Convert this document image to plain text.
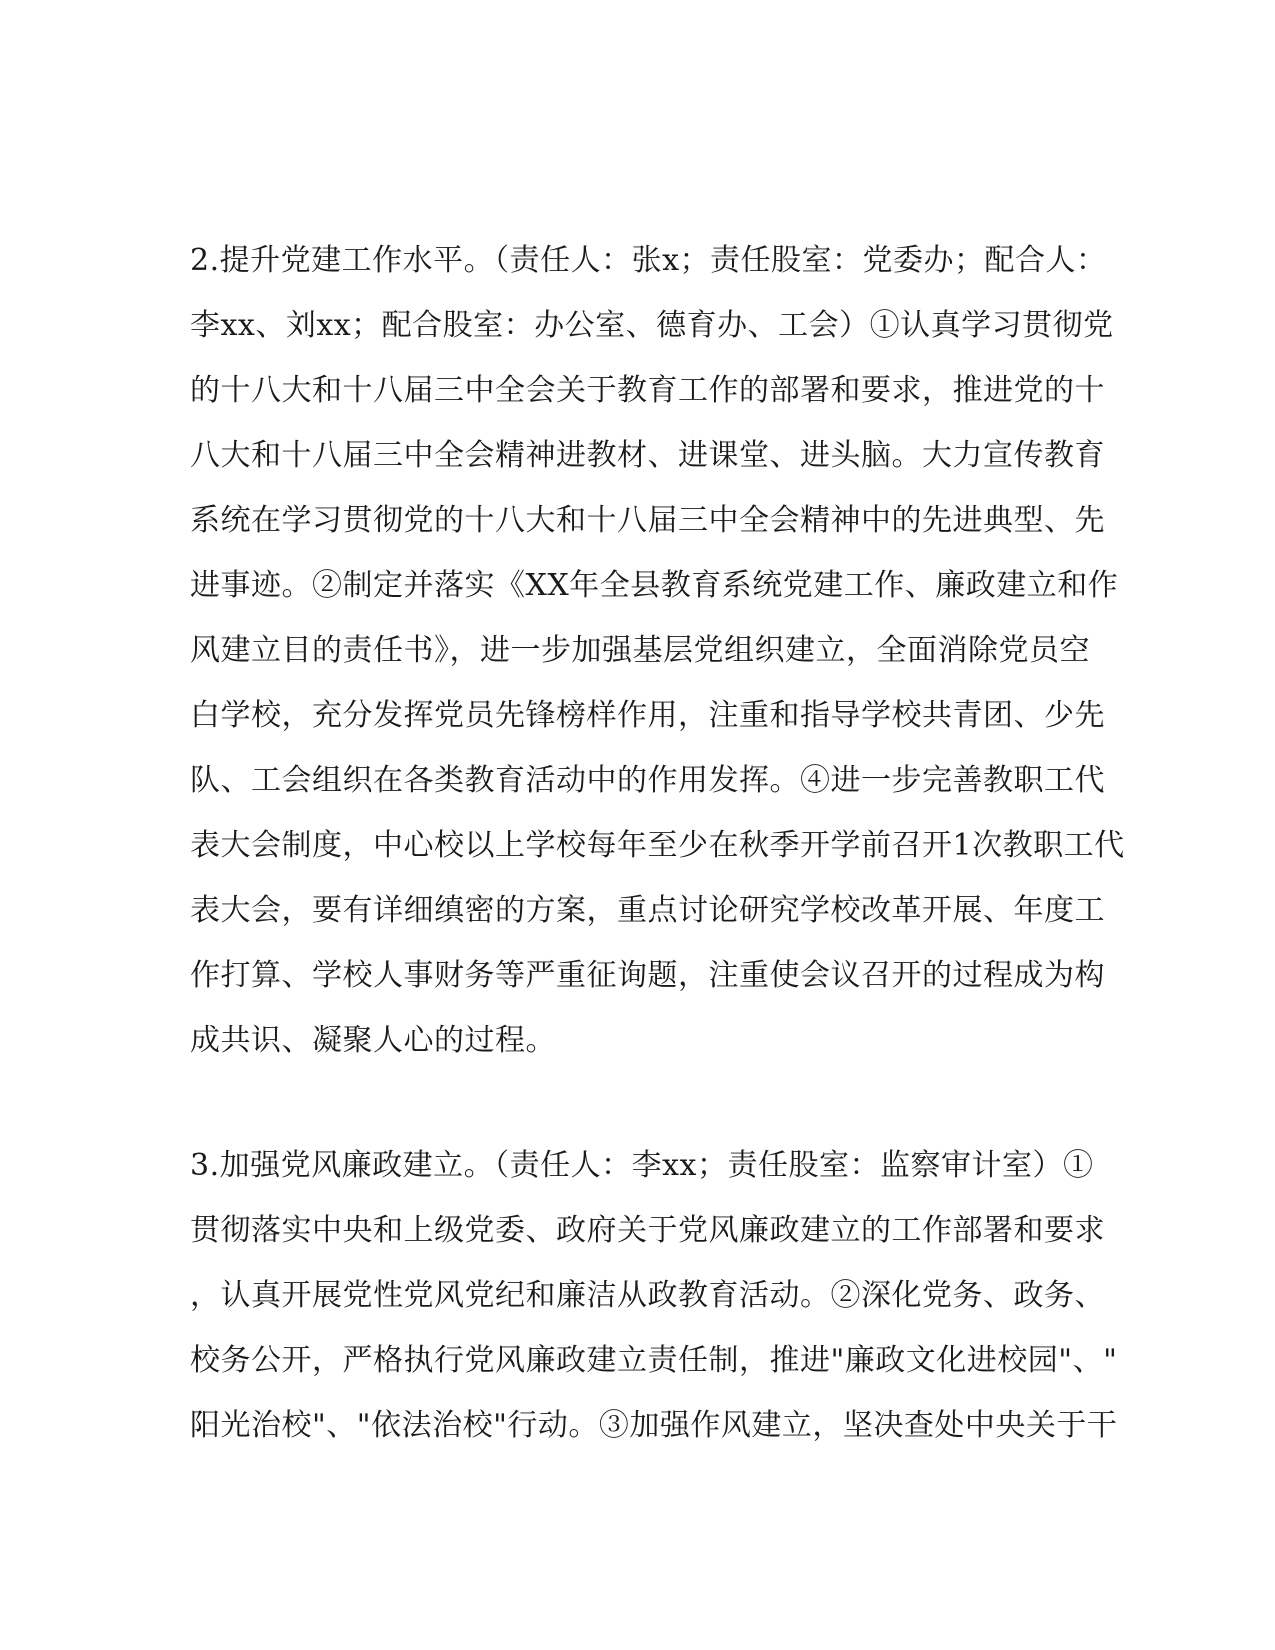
2.提升党建工作水平。（责任人：张x；责任股室：党委办；配合人：
李xx、刘xx；配合股室：办公室、德育办、工会）①认真学习贯彻党
的十八大和十八届三中全会关于教育工作的部署和要求，推进党的十
八大和十八届三中全会精神进教材、进课堂、进头脑。大力宣传教育
系统在学习贯彻党的十八大和十八届三中全会精神中的先进典型、先
进事迹。②制定并落实《XX年全县教育系统党建工作、廉政建立和作
风建立目的责任书》，进一步加强基层党组织建立，全面消除党员空
白学校，充分发挥党员先锋榜样作用，注重和指导学校共青团、少先
队、工会组织在各类教育活动中的作用发挥。④进一步完善教职工代
表大会制度，中心校以上学校每年至少在秋季开学前召开1次教职工代
表大会，要有详细缜密的方案，重点讨论研究学校改革开展、年度工
作打算、学校人事财务等严重征询题，注重使会议召开的过程成为构
成共识、凝聚人心的过程。
3.加强党风廉政建立。（责任人：李xx；责任股室：监察审计室）①
贯彻落实中央和上级党委、政府关于党风廉政建立的工作部署和要求
，认真开展党性党风党纪和廉洁从政教育活动。②深化党务、政务、
校务公开，严格执行党风廉政建立责任制，推进"廉政文化进校园"、"
阳光治校"、"依法治校"行动。③加强作风建立，坚决查处中央关于干
